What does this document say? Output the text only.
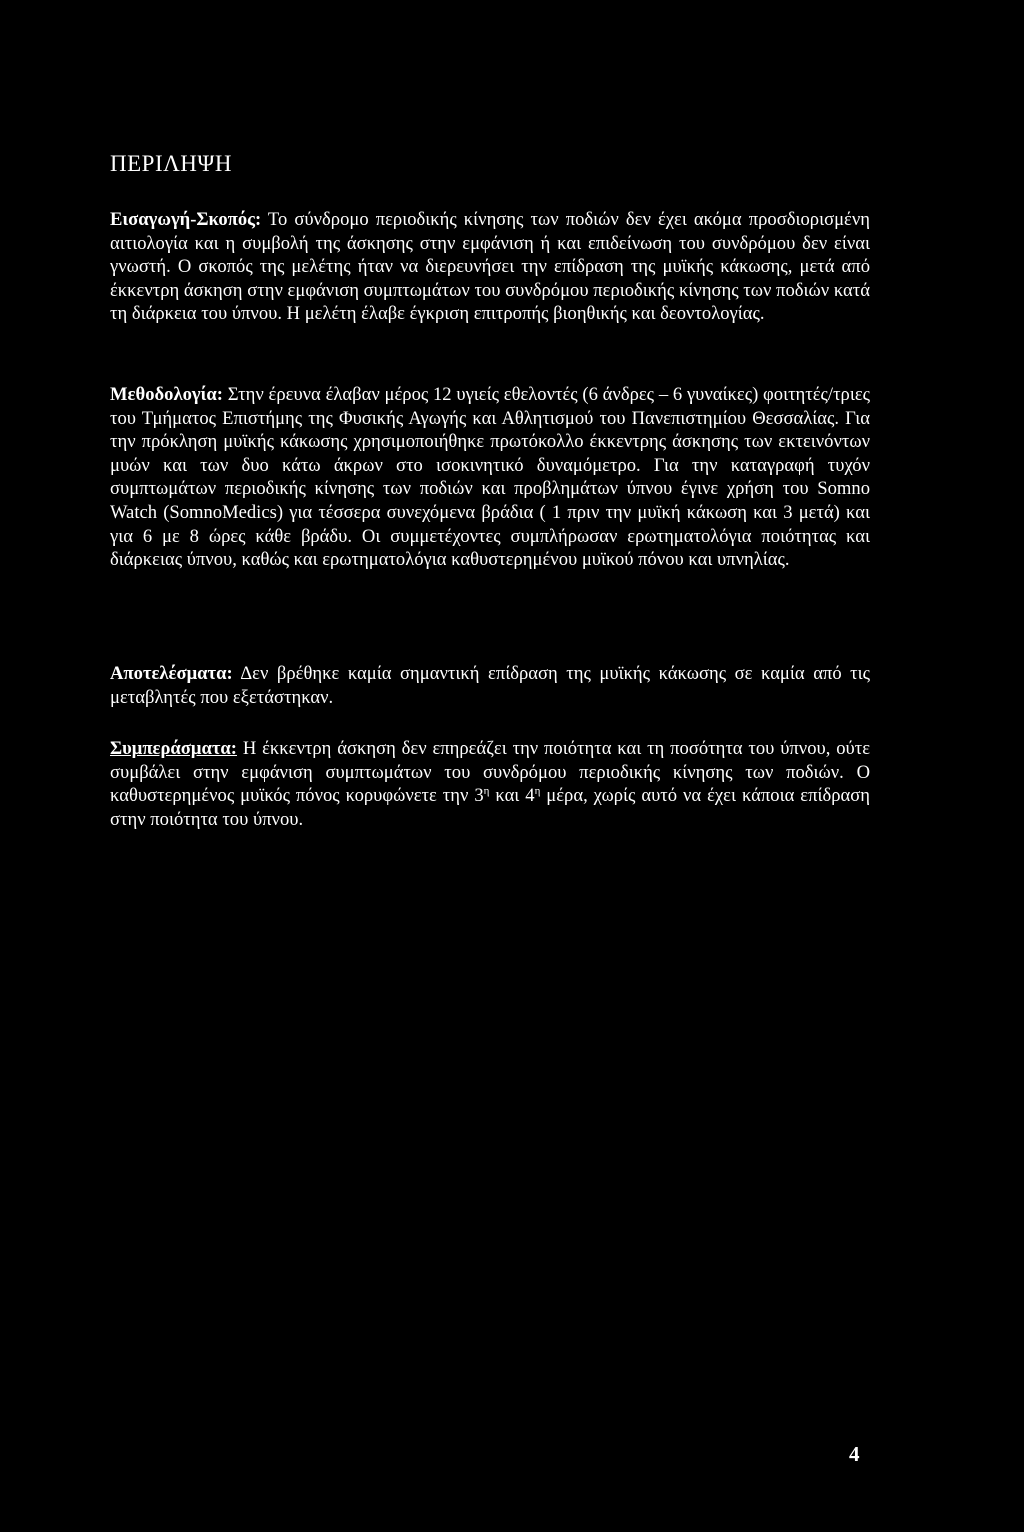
ΠΕΡΙΛΗΨΗ

Εισαγωγή-Σκοπός: Το σύνδρομο περιοδικής κίνησης των ποδιών δεν έχει ακόμα προσδιορισμένη αιτιολογία και η συμβολή της άσκησης στην εμφάνιση ή και επιδείνωση του συνδρόμου δεν είναι γνωστή. Ο σκοπός της μελέτης ήταν να διερευνήσει την επίδραση της μυϊκής κάκωσης, μετά από έκκεντρη άσκηση στην εμφάνιση συμπτωμάτων του συνδρόμου περιοδικής κίνησης των ποδιών κατά τη διάρκεια του ύπνου. Η μελέτη έλαβε έγκριση επιτροπής βιοηθικής και δεοντολογίας.

Μεθοδολογία: Στην έρευνα έλαβαν μέρος 12 υγιείς εθελοντές (6 άνδρες – 6 γυναίκες) φοιτητές/τριες του Τμήματος Επιστήμης της Φυσικής Αγωγής και Αθλητισμού του Πανεπιστημίου Θεσσαλίας. Για την πρόκληση μυϊκής κάκωσης χρησιμοποιήθηκε πρωτόκολλο έκκεντρης άσκησης των εκτεινόντων μυών και των δυο κάτω άκρων στο ισοκινητικό δυναμόμετρο. Για την καταγραφή τυχόν συμπτωμάτων περιοδικής κίνησης των ποδιών και προβλημάτων ύπνου έγινε χρήση του Somno Watch (SomnoMedics) για τέσσερα συνεχόμενα βράδια ( 1 πριν την μυϊκή κάκωση και 3 μετά) και για 6 με 8 ώρες κάθε βράδυ. Οι συμμετέχοντες συμπλήρωσαν ερωτηματολόγια ποιότητας και διάρκειας ύπνου, καθώς και ερωτηματολόγια καθυστερημένου μυϊκού πόνου και υπνηλίας.

Αποτελέσματα: Δεν βρέθηκε καμία σημαντική επίδραση της μυϊκής κάκωσης σε καμία από τις μεταβλητές που εξετάστηκαν.

Συμπεράσματα: Η έκκεντρη άσκηση δεν επηρεάζει την ποιότητα και τη ποσότητα του ύπνου, ούτε συμβάλει στην εμφάνιση συμπτωμάτων του συνδρόμου περιοδικής κίνησης των ποδιών. Ο καθυστερημένος μυϊκός πόνος κορυφώνετε την $3^\eta$ και $4^\eta$ μέρα, χωρίς αυτό να έχει κάποια επίδραση στην ποιότητα του ύπνου.

4
